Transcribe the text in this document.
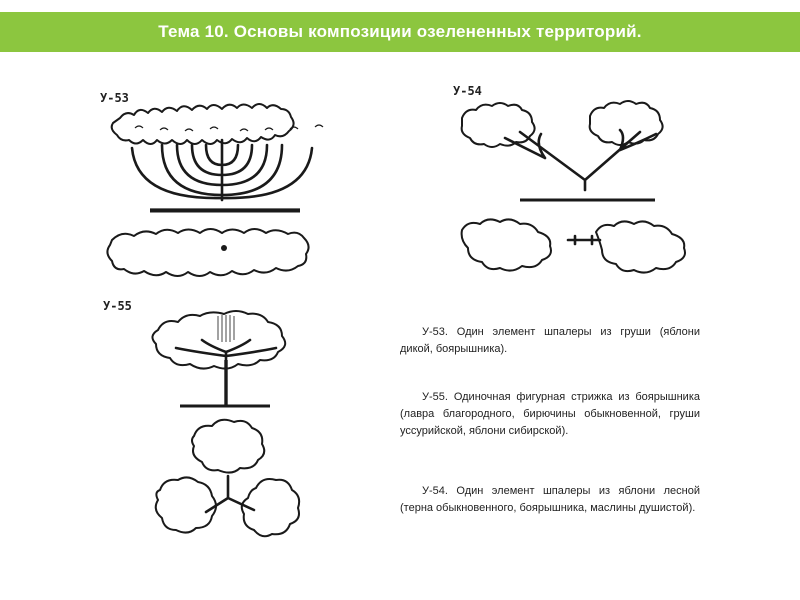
Тема 10. Основы композиции озелененных территорий.
У-53	У-54
У-55
У-53. Один элемент шпалеры из груши (яблони дикой, боярышника).
У-55. Одиночная фигурная стрижка из боярышника (лавра благородного, бирючины обыкновенной, груши уссурийской, яблони сибирской).
У-54. Один элемент шпалеры из яблони лесной (терна обыкновенного, боярышника, маслины душистой).
